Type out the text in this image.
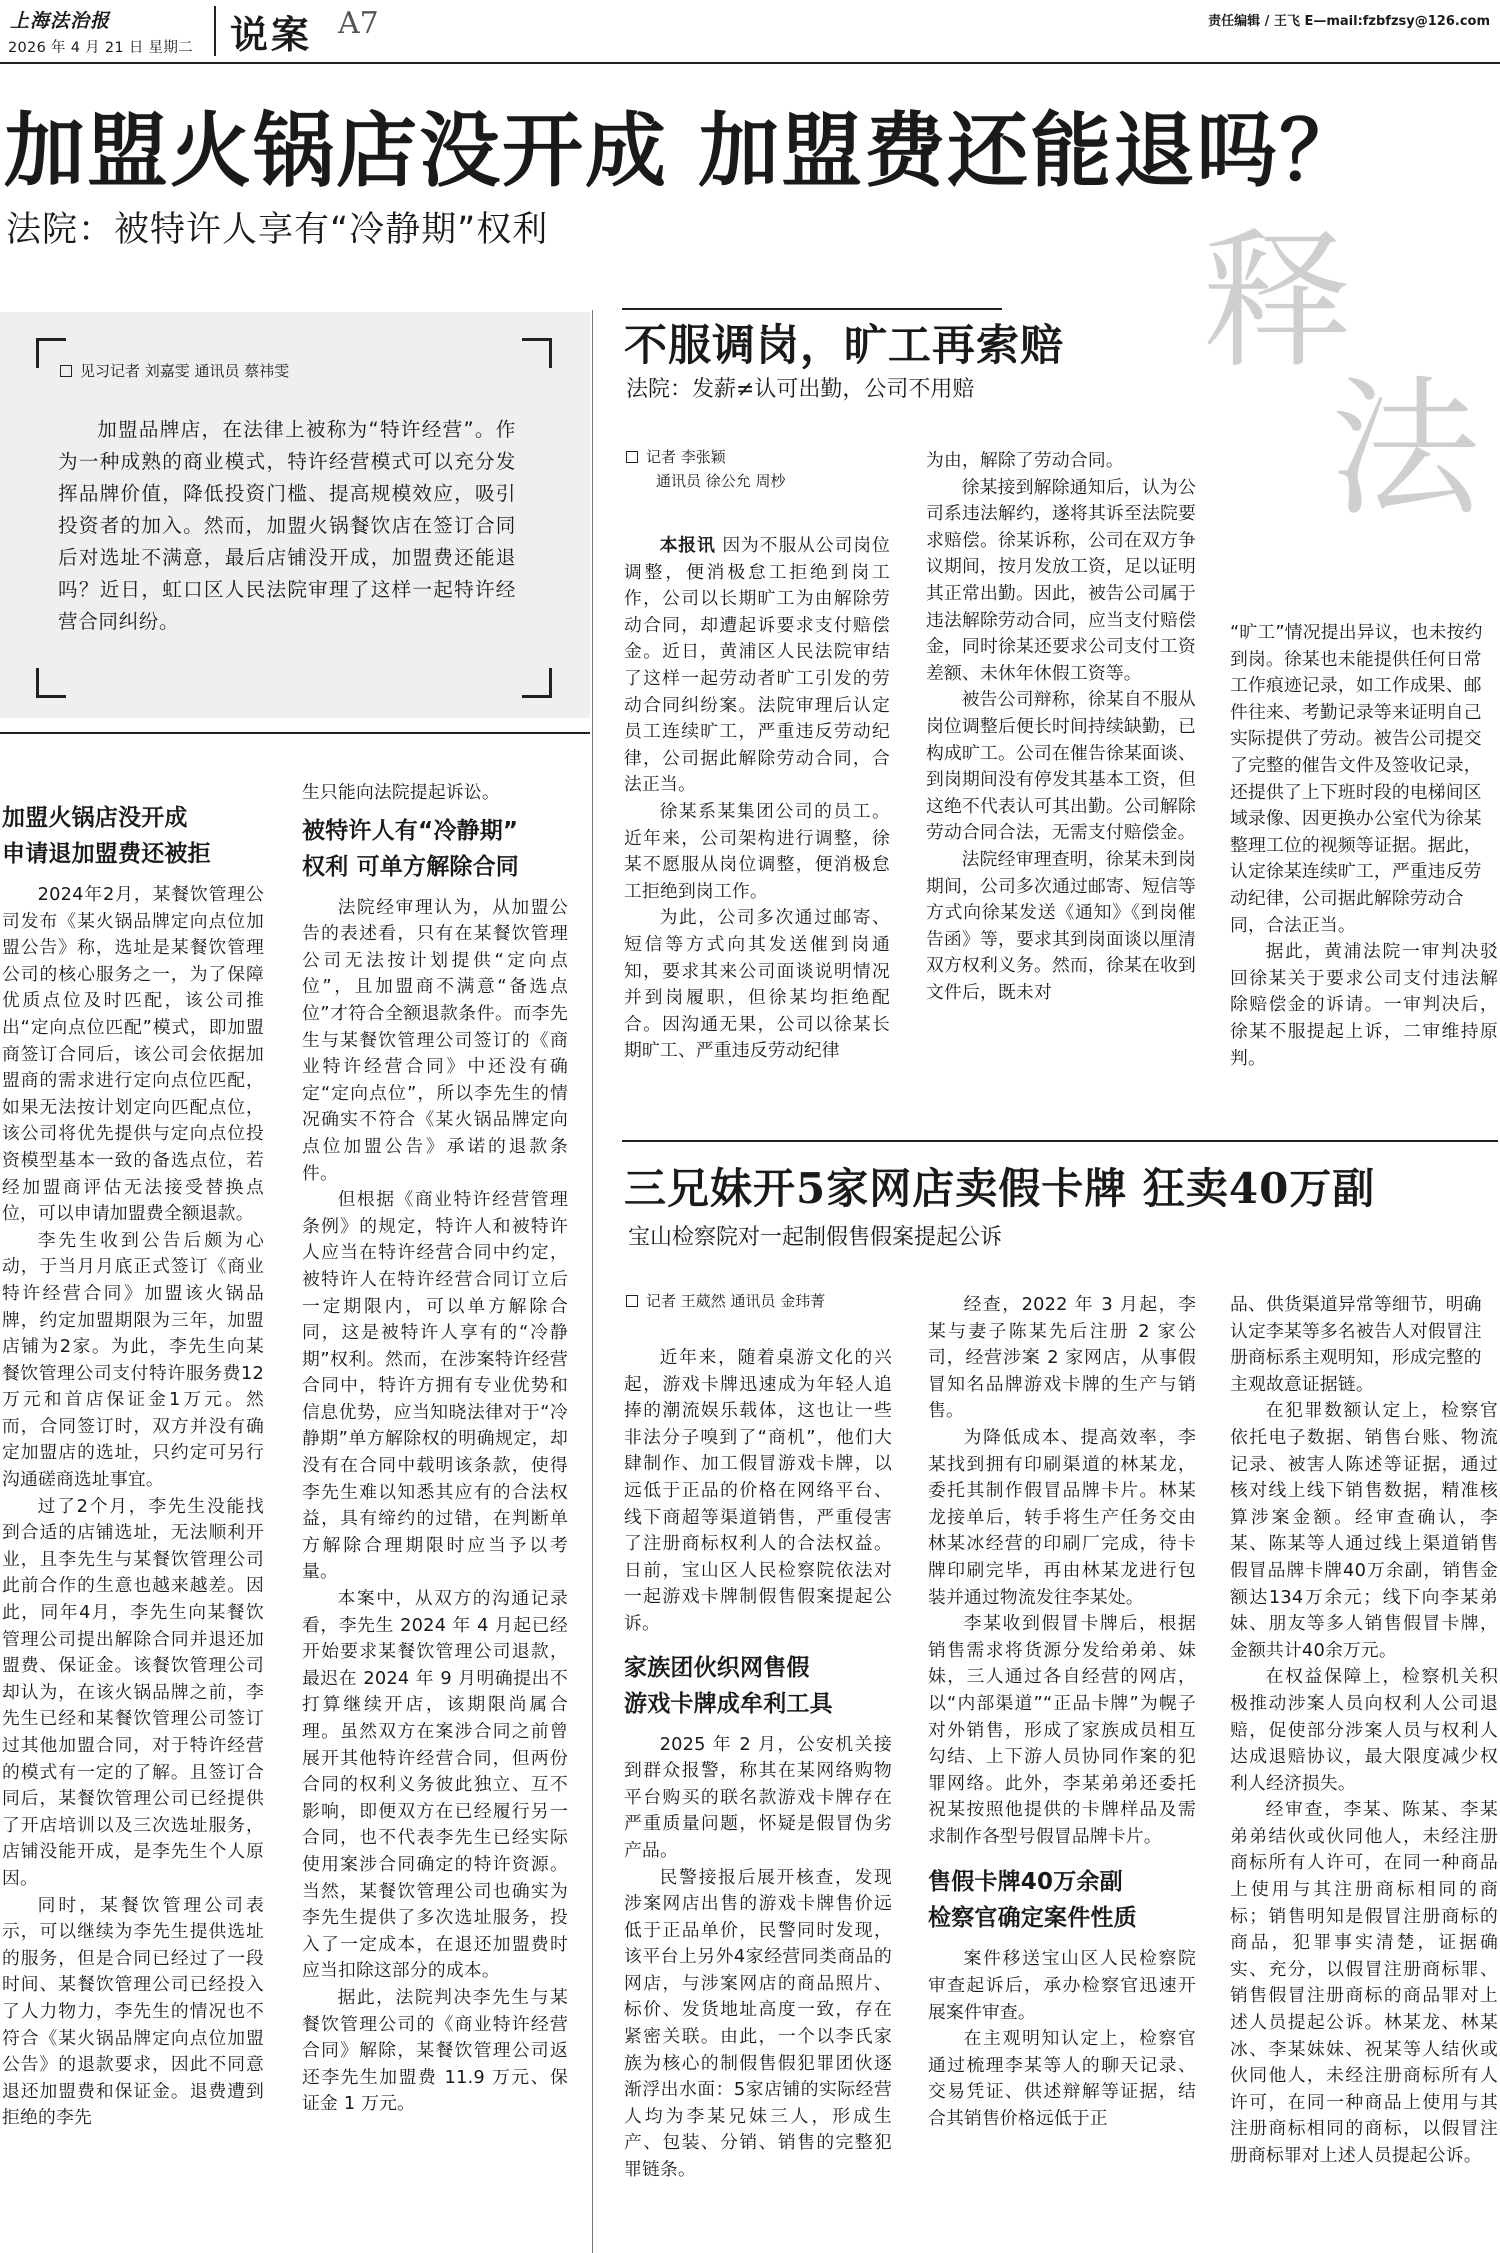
上海法治报
2026 年 4 月 21 日 星期二 说案 A7	责任编辑 / 王飞 E—mail:fzbfzsy@126.com
加盟火锅店没开成 加盟费还能退吗？
法院：被特许人享有“冷静期”权利	释
法
见习记者 刘嘉雯 通讯员 蔡祎雯
加盟品牌店，在法律上被称为“特许经营”。作为一种成熟的商业模式，特许经营模式可以充分发挥品牌价值，降低投资门槛、提高规模效应，吸引投资者的加入。然而，加盟火锅餐饮店在签订合同后对选址不满意，最后店铺没开成，加盟费还能退吗？近日，虹口区人民法院审理了这样一起特许经营合同纠纷。
加盟火锅店没开成
申请退加盟费还被拒

2024年2月，某餐饮管理公司发布《某火锅品牌定向点位加盟公告》称，选址是某餐饮管理公司的核心服务之一，为了保障优质点位及时匹配，该公司推出“定向点位匹配”模式，即加盟商签订合同后，该公司会依据加盟商的需求进行定向点位匹配，如果无法按计划定向匹配点位，该公司将优先提供与定向点位投资模型基本一致的备选点位，若经加盟商评估无法接受替换点位，可以申请加盟费全额退款。

李先生收到公告后颇为心动，于当月月底正式签订《商业特许经营合同》加盟该火锅品牌，约定加盟期限为三年，加盟店铺为2家。为此，李先生向某餐饮管理公司支付特许服务费12万元和首店保证金1万元。然而，合同签订时，双方并没有确定加盟店的选址，只约定可另行沟通磋商选址事宜。

过了2个月，李先生没能找到合适的店铺选址，无法顺利开业，且李先生与某餐饮管理公司此前合作的生意也越来越差。因此，同年4月，李先生向某餐饮管理公司提出解除合同并退还加盟费、保证金。该餐饮管理公司却认为，在该火锅品牌之前，李先生已经和某餐饮管理公司签订过其他加盟合同，对于特许经营的模式有一定的了解。且签订合同后，某餐饮管理公司已经提供了开店培训以及三次选址服务，店铺没能开成，是李先生个人原因。

同时，某餐饮管理公司表示，可以继续为李先生提供选址的服务，但是合同已经过了一段时间、某餐饮管理公司已经投入了人力物力，李先生的情况也不符合《某火锅品牌定向点位加盟公告》的退款要求，因此不同意退还加盟费和保证金。退费遭到拒绝的李先

生只能向法院提起诉讼。

被特许人有“冷静期”
权利 可单方解除合同

法院经审理认为，从加盟公告的表述看，只有在某餐饮管理公司无法按计划提供“定向点位”，且加盟商不满意“备选点位”才符合全额退款条件。而李先生与某餐饮管理公司签订的《商业特许经营合同》中还没有确定“定向点位”，所以李先生的情况确实不符合《某火锅品牌定向点位加盟公告》承诺的退款条件。

但根据《商业特许经营管理条例》的规定，特许人和被特许人应当在特许经营合同中约定，被特许人在特许经营合同订立后一定期限内，可以单方解除合同，这是被特许人享有的“冷静期”权利。然而，在涉案特许经营合同中，特许方拥有专业优势和信息优势，应当知晓法律对于“冷静期”单方解除权的明确规定，却没有在合同中载明该条款，使得李先生难以知悉其应有的合法权益，具有缔约的过错，在判断单方解除合理期限时应当予以考量。

本案中，从双方的沟通记录看，李先生 2024 年 4 月起已经开始要求某餐饮管理公司退款，最迟在 2024 年 9 月明确提出不打算继续开店，该期限尚属合理。虽然双方在案涉合同之前曾展开其他特许经营合同，但两份合同的权利义务彼此独立、互不影响，即便双方在已经履行另一合同，也不代表李先生已经实际使用案涉合同确定的特许资源。当然，某餐饮管理公司也确实为李先生提供了多次选址服务，投入了一定成本，在退还加盟费时应当扣除这部分的成本。

据此，法院判决李先生与某餐饮管理公司的《商业特许经营合同》解除，某餐饮管理公司返还李先生加盟费 11.9 万元、保证金 1 万元。

不服调岗，旷工再索赔
法院：发薪≠认可出勤，公司不用赔
记者 李张颖
通讯员 徐公允 周杪

本报讯 因为不服从公司岗位调整，便消极怠工拒绝到岗工作，公司以长期旷工为由解除劳动合同，却遭起诉要求支付赔偿金。近日，黄浦区人民法院审结了这样一起劳动者旷工引发的劳动合同纠纷案。法院审理后认定员工连续旷工，严重违反劳动纪律，公司据此解除劳动合同，合法正当。

徐某系某集团公司的员工。近年来，公司架构进行调整，徐某不愿服从岗位调整，便消极怠工拒绝到岗工作。

为此，公司多次通过邮寄、短信等方式向其发送催到岗通知，要求其来公司面谈说明情况并到岗履职，但徐某均拒绝配合。因沟通无果，公司以徐某长期旷工、严重违反劳动纪律

为由，解除了劳动合同。

徐某接到解除通知后，认为公司系违法解约，遂将其诉至法院要求赔偿。徐某诉称，公司在双方争议期间，按月发放工资，足以证明其正常出勤。因此，被告公司属于违法解除劳动合同，应当支付赔偿金，同时徐某还要求公司支付工资差额、未休年休假工资等。

被告公司辩称，徐某自不服从岗位调整后便长时间持续缺勤，已构成旷工。公司在催告徐某面谈、到岗期间没有停发其基本工资，但这绝不代表认可其出勤。公司解除劳动合同合法，无需支付赔偿金。

法院经审理查明，徐某未到岗期间，公司多次通过邮寄、短信等方式向徐某发送《通知》《到岗催告函》等，要求其到岗面谈以厘清双方权利义务。然而，徐某在收到文件后，既未对

“旷工”情况提出异议，也未按约到岗。徐某也未能提供任何日常工作痕迹记录，如工作成果、邮件往来、考勤记录等来证明自己实际提供了劳动。被告公司提交了完整的催告文件及签收记录，还提供了上下班时段的电梯间区域录像、因更换办公室代为徐某整理工位的视频等证据。据此，认定徐某连续旷工，严重违反劳动纪律，公司据此解除劳动合同，合法正当。

据此，黄浦法院一审判决驳回徐某关于要求公司支付违法解除赔偿金的诉请。一审判决后，徐某不服提起上诉，二审维持原判。

三兄妹开5家网店卖假卡牌 狂卖40万副
宝山检察院对一起制假售假案提起公诉
记者 王葳然 通讯员 金玮菁

近年来，随着桌游文化的兴起，游戏卡牌迅速成为年轻人追捧的潮流娱乐载体，这也让一些非法分子嗅到了“商机”，他们大肆制作、加工假冒游戏卡牌，以远低于正品的价格在网络平台、线下商超等渠道销售，严重侵害了注册商标权利人的合法权益。日前，宝山区人民检察院依法对一起游戏卡牌制假售假案提起公诉。

家族团伙织网售假
游戏卡牌成牟利工具

2025 年 2 月，公安机关接到群众报警，称其在某网络购物平台购买的联名款游戏卡牌存在严重质量问题，怀疑是假冒伪劣产品。

民警接报后展开核查，发现涉案网店出售的游戏卡牌售价远低于正品单价，民警同时发现，该平台上另外4家经营同类商品的网店，与涉案网店的商品照片、标价、发货地址高度一致，存在紧密关联。由此，一个以李氏家族为核心的制假售假犯罪团伙逐渐浮出水面：5家店铺的实际经营人均为李某兄妹三人，形成生产、包装、分销、销售的完整犯罪链条。

经查，2022 年 3 月起，李某与妻子陈某先后注册 2 家公司，经营涉案 2 家网店，从事假冒知名品牌游戏卡牌的生产与销售。

为降低成本、提高效率，李某找到拥有印刷渠道的林某龙，委托其制作假冒品牌卡片。林某龙接单后，转手将生产任务交由林某冰经营的印刷厂完成，待卡牌印刷完毕，再由林某龙进行包装并通过物流发往李某处。

李某收到假冒卡牌后，根据销售需求将货源分发给弟弟、妹妹，三人通过各自经营的网店，以“内部渠道”“正品卡牌”为幌子对外销售，形成了家族成员相互勾结、上下游人员协同作案的犯罪网络。此外，李某弟弟还委托祝某按照他提供的卡牌样品及需求制作各型号假冒品牌卡片。

售假卡牌40万余副
检察官确定案件性质

案件移送宝山区人民检察院审查起诉后，承办检察官迅速开展案件审查。

在主观明知认定上，检察官通过梳理李某等人的聊天记录、交易凭证、供述辩解等证据，结合其销售价格远低于正

品、供货渠道异常等细节，明确认定李某等多名被告人对假冒注册商标系主观明知，形成完整的主观故意证据链。

在犯罪数额认定上，检察官依托电子数据、销售台账、物流记录、被害人陈述等证据，通过核对线上线下销售数据，精准核算涉案金额。经审查确认，李某、陈某等人通过线上渠道销售假冒品牌卡牌40万余副，销售金额达134万余元；线下向李某弟妹、朋友等多人销售假冒卡牌，金额共计40余万元。

在权益保障上，检察机关积极推动涉案人员向权利人公司退赔，促使部分涉案人员与权利人达成退赔协议，最大限度减少权利人经济损失。

经审查，李某、陈某、李某弟弟结伙或伙同他人，未经注册商标所有人许可，在同一种商品上使用与其注册商标相同的商标；销售明知是假冒注册商标的商品，犯罪事实清楚，证据确实、充分，以假冒注册商标罪、销售假冒注册商标的商品罪对上述人员提起公诉。林某龙、林某冰、李某妹妹、祝某等人结伙或伙同他人，未经注册商标所有人许可，在同一种商品上使用与其注册商标相同的商标，以假冒注册商标罪对上述人员提起公诉。
